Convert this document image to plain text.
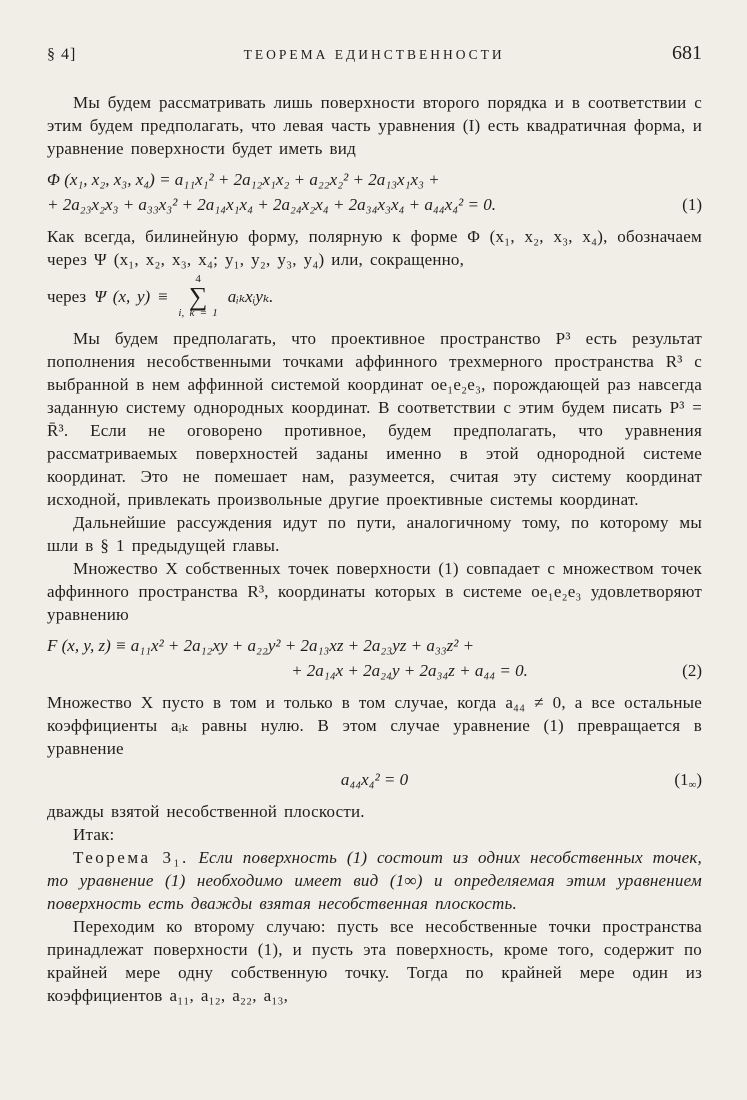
§ 4]	ТЕОРЕМА ЕДИНСТВЕННОСТИ	681

Мы будем рассматривать лишь поверхности второго порядка и в соответствии с этим будем предполагать, что левая часть уравнения (I) есть квадратичная форма, и уравнение поверхности будет иметь вид

Φ (x₁, x₂, x₃, x₄) = a₁₁x₁² + 2a₁₂x₁x₂ + a₂₂x₂² + 2a₁₃x₁x₃ +
+ 2a₂₃x₂x₃ + a₃₃x₃² + 2a₁₄x₁x₄ + 2a₂₄x₂x₄ + 2a₃₄x₃x₄ + a₄₄x₄² = 0.	(1)

Как всегда, билинейную форму, полярную к форме Φ (x₁, x₂, x₃, x₄), обозначаем через Ψ (x₁, x₂, x₃, x₄; y₁, y₂, y₃, y₄) или, сокращенно,

через Ψ (x, y) ≡
4
∑
i, k = 1
aᵢₖxᵢyₖ.

Мы будем предполагать, что проективное пространство P³ есть результат пополнения несобственными точками аффинного трехмерного пространства R³ с выбранной в нем аффинной системой координат oe₁e₂e₃, порождающей раз навсегда заданную систему однородных координат. В соответствии с этим будем писать P³ = R̄³. Если не оговорено противное, будем предполагать, что уравнения рассматриваемых поверхностей заданы именно в этой однородной системе координат. Это не помешает нам, разумеется, считая эту систему координат исходной, привлекать произвольные другие проективные системы координат.

Дальнейшие рассуждения идут по пути, аналогичному тому, по которому мы шли в § 1 предыдущей главы.

Множество X собственных точек поверхности (1) совпадает с множеством точек аффинного пространства R³, координаты которых в системе oe₁e₂e₃ удовлетворяют уравнению

F (x, y, z) ≡ a₁₁x² + 2a₁₂xy + a₂₂y² + 2a₁₃xz + 2a₂₃yz + a₃₃z² +
+ 2a₁₄x + 2a₂₄y + 2a₃₄z + a₄₄ = 0.	(2)

Множество X пусто в том и только в том случае, когда a₄₄ ≠ 0, а все остальные коэффициенты aᵢₖ равны нулю. В этом случае уравнение (1) превращается в уравнение

a₄₄x₄² = 0	(1∞)

дважды взятой несобственной плоскости.

Итак:

Теорема 3₁. Если поверхность (1) состоит из одних несобственных точек, то уравнение (1) необходимо имеет вид (1∞) и определяемая этим уравнением поверхность есть дважды взятая несобственная плоскость.

Переходим ко второму случаю: пусть все несобственные точки пространства принадлежат поверхности (1), и пусть эта поверхность, кроме того, содержит по крайней мере одну собственную точку. Тогда по крайней мере один из коэффициентов a₁₁, a₁₂, a₂₂, a₁₃,
